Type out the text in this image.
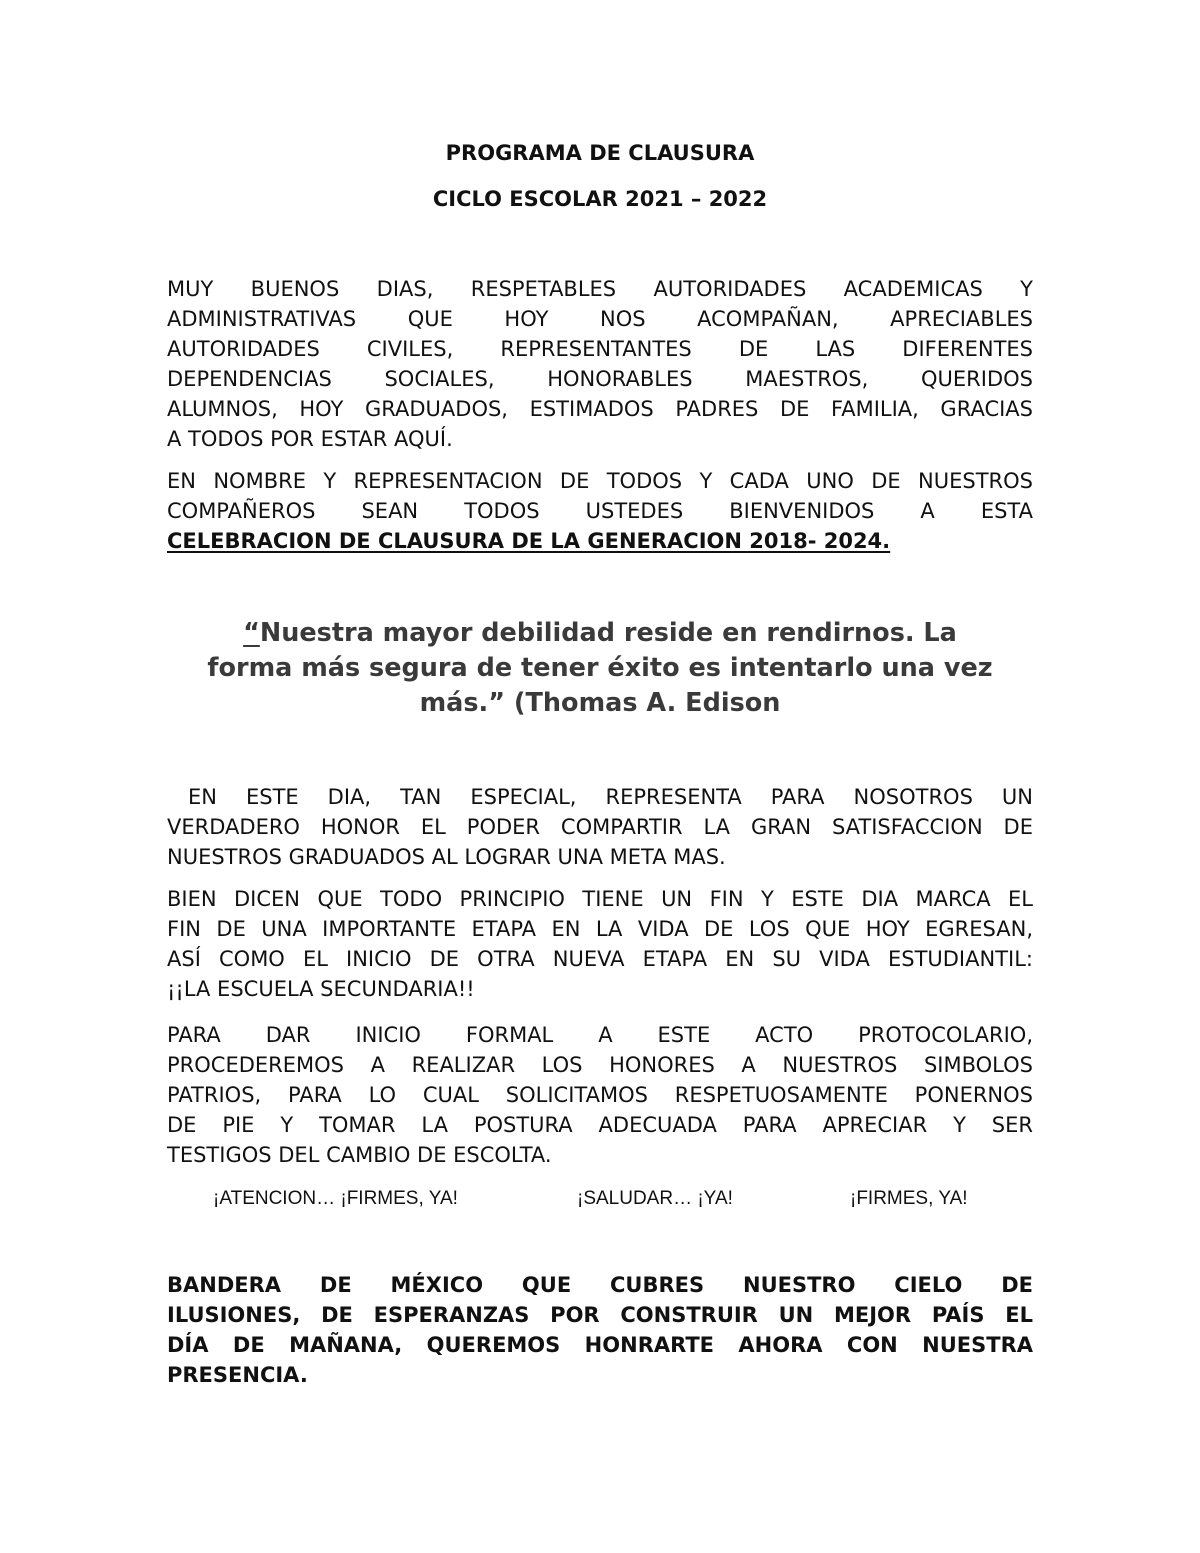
PROGRAMA DE CLAUSURA
CICLO ESCOLAR 2021 – 2022
MUY BUENOS DIAS, RESPETABLES AUTORIDADES ACADEMICAS Y
ADMINISTRATIVAS QUE HOY NOS ACOMPAÑAN, APRECIABLES
AUTORIDADES CIVILES, REPRESENTANTES DE LAS DIFERENTES
DEPENDENCIAS SOCIALES, HONORABLES MAESTROS, QUERIDOS
ALUMNOS, HOY GRADUADOS, ESTIMADOS PADRES DE FAMILIA, GRACIAS
A TODOS POR ESTAR AQUÍ.
EN NOMBRE Y REPRESENTACION DE TODOS Y CADA UNO DE NUESTROS
COMPAÑEROS SEAN TODOS USTEDES BIENVENIDOS A ESTA
CELEBRACION DE CLAUSURA DE LA GENERACION 2018- 2024.
“Nuestra mayor debilidad reside en rendirnos. La
forma más segura de tener éxito es intentarlo una vez
más.” (Thomas A. Edison
EN ESTE DIA, TAN ESPECIAL, REPRESENTA PARA NOSOTROS UN
VERDADERO HONOR EL PODER COMPARTIR LA GRAN SATISFACCION DE
NUESTROS GRADUADOS AL LOGRAR UNA META MAS.
BIEN DICEN QUE TODO PRINCIPIO TIENE UN FIN Y ESTE DIA MARCA EL
FIN DE UNA IMPORTANTE ETAPA EN LA VIDA DE LOS QUE HOY EGRESAN,
ASÍ COMO EL INICIO DE OTRA NUEVA ETAPA EN SU VIDA ESTUDIANTIL:
¡¡LA ESCUELA SECUNDARIA!!
PARA DAR INICIO FORMAL A ESTE ACTO PROTOCOLARIO,
PROCEDEREMOS A REALIZAR LOS HONORES A NUESTROS SIMBOLOS
PATRIOS, PARA LO CUAL SOLICITAMOS RESPETUOSAMENTE PONERNOS
DE PIE Y TOMAR LA POSTURA ADECUADA PARA APRECIAR Y SER
TESTIGOS DEL CAMBIO DE ESCOLTA.
¡ATENCION… ¡FIRMES, YA!	¡SALUDAR… ¡YA!	¡FIRMES, YA!
BANDERA DE MÉXICO QUE CUBRES NUESTRO CIELO DE
ILUSIONES, DE ESPERANZAS POR CONSTRUIR UN MEJOR PAÍS EL
DÍA DE MAÑANA, QUEREMOS HONRARTE AHORA CON NUESTRA
PRESENCIA.
